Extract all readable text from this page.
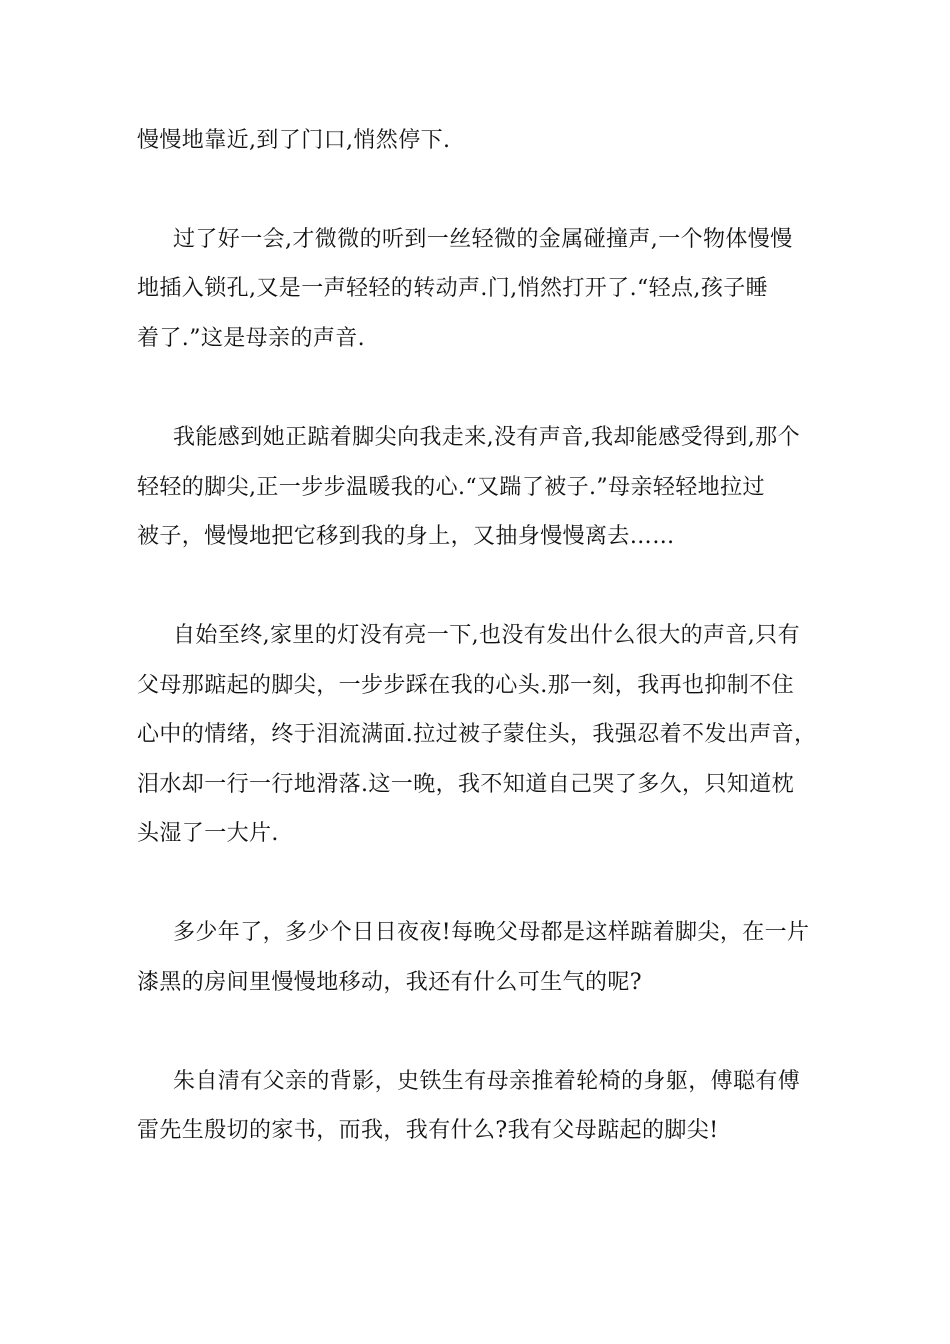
慢慢地靠近,到了门口,悄然停下.
过了好一会,才微微的听到一丝轻微的金属碰撞声,一个物体慢慢
地插入锁孔,又是一声轻轻的转动声.门,悄然打开了.“轻点,孩子睡
着了.”这是母亲的声音.
我能感到她正踮着脚尖向我走来,没有声音,我却能感受得到,那个
轻轻的脚尖,正一步步温暖我的心.“又踹了被子.”母亲轻轻地拉过
被子，慢慢地把它移到我的身上，又抽身慢慢离去……
自始至终,家里的灯没有亮一下,也没有发出什么很大的声音,只有
父母那踮起的脚尖，一步步踩在我的心头.那一刻，我再也抑制不住
心中的情绪，终于泪流满面.拉过被子蒙住头，我强忍着不发出声音，
泪水却一行一行地滑落.这一晚，我不知道自己哭了多久，只知道枕
头湿了一大片.
多少年了，多少个日日夜夜!每晚父母都是这样踮着脚尖，在一片
漆黑的房间里慢慢地移动，我还有什么可生气的呢?
朱自清有父亲的背影，史铁生有母亲推着轮椅的身躯，傅聪有傅
雷先生殷切的家书，而我，我有什么?我有父母踮起的脚尖!
